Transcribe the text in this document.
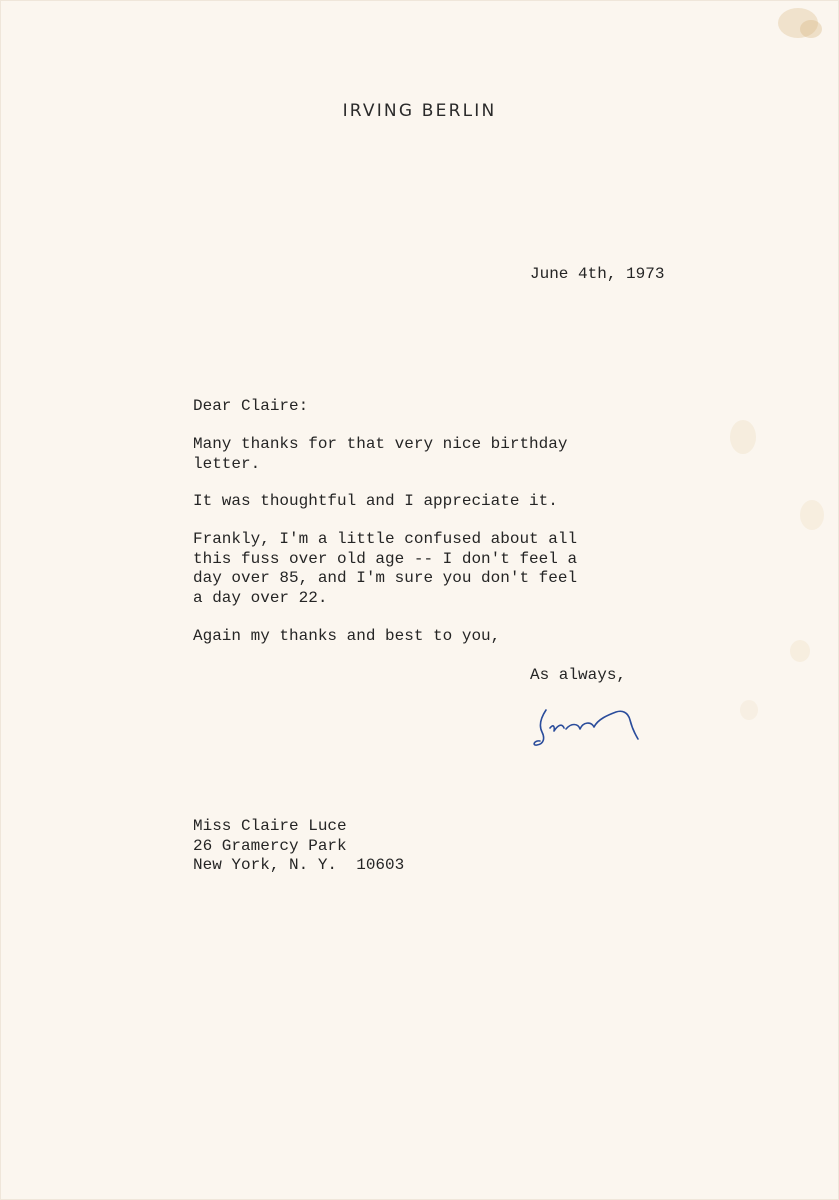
IRVING BERLIN

June 4th, 1973

Dear Claire:

Many thanks for that very nice birthday
letter.

It was thoughtful and I appreciate it.

Frankly, I'm a little confused about all
this fuss over old age -- I don't feel a
day over 85, and I'm sure you don't feel
a day over 22.

Again my thanks and best to you,

As always,

Miss Claire Luce
26 Gramercy Park
New York, N. Y.  10603
